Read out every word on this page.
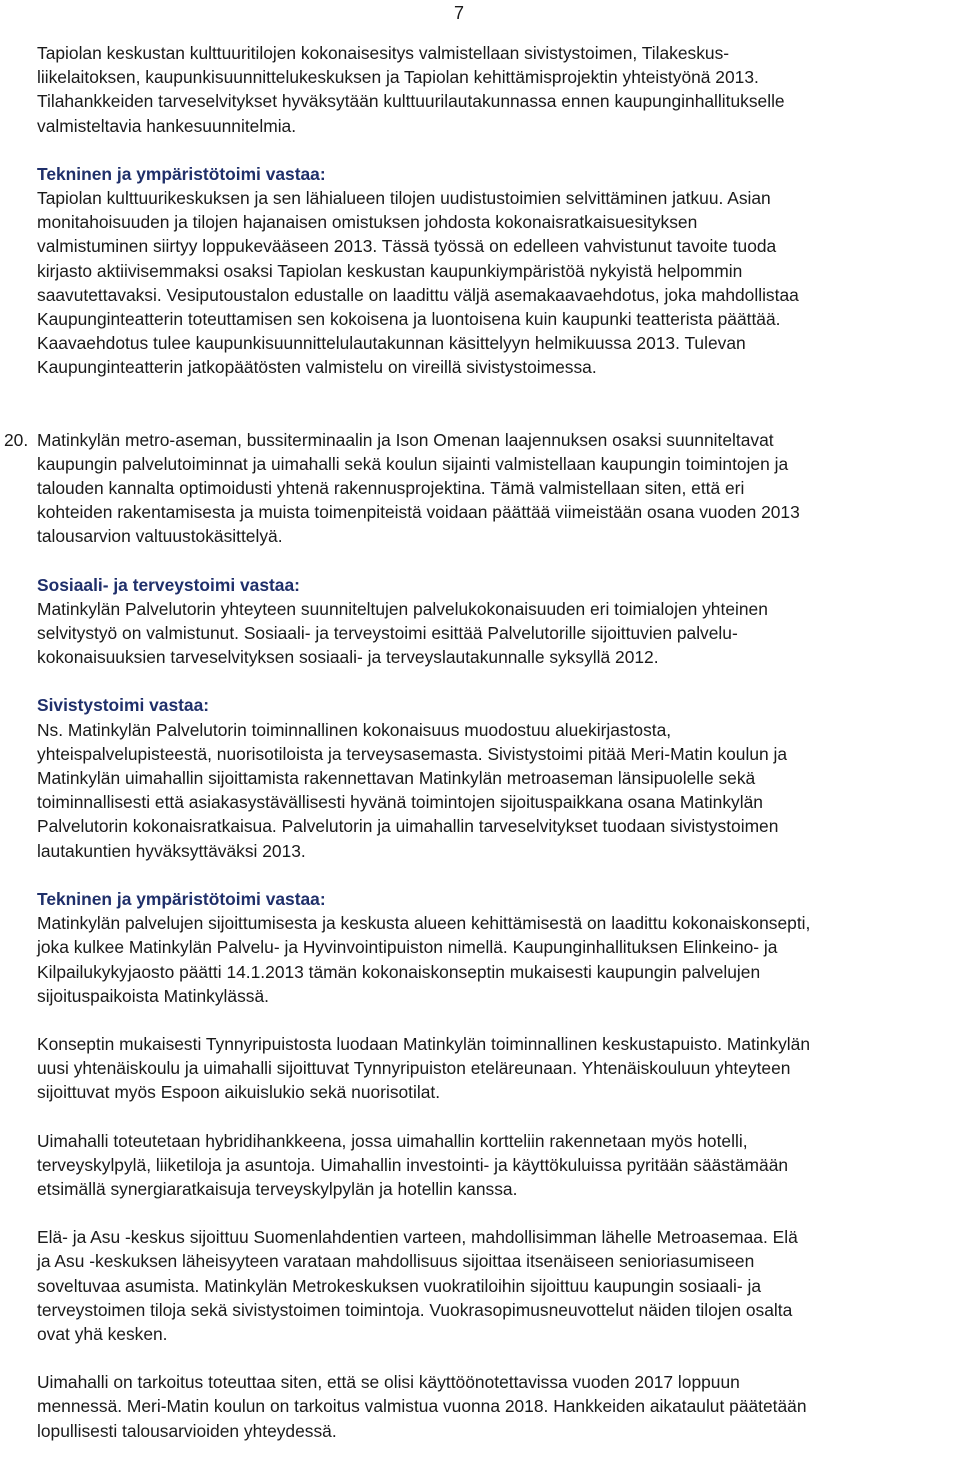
7

Tapiolan keskustan kulttuuritilojen kokonaisesitys valmistellaan sivistystoimen, Tilakeskus-
liikelaitoksen, kaupunkisuunnittelukeskuksen ja Tapiolan kehittämisprojektin yhteistyönä 2013.
Tilahankkeiden tarveselvitykset hyväksytään kulttuurilautakunnassa ennen kaupunginhallitukselle
valmisteltavia hankesuunnitelmia.

Tekninen ja ympäristötoimi vastaa:
Tapiolan kulttuurikeskuksen ja sen lähialueen tilojen uudistustoimien selvittäminen jatkuu. Asian
monitahoisuuden ja tilojen hajanaisen omistuksen johdosta kokonaisratkaisuesityksen
valmistuminen siirtyy loppukevääseen 2013. Tässä työssä on edelleen vahvistunut tavoite tuoda
kirjasto aktiivisemmaksi osaksi Tapiolan keskustan kaupunkiympäristöä nykyistä helpommin
saavutettavaksi. Vesiputoustalon edustalle on laadittu väljä asemakaavaehdotus, joka mahdollistaa
Kaupunginteatterin toteuttamisen sen kokoisena ja luontoisena kuin kaupunki teatterista päättää.
Kaavaehdotus tulee kaupunkisuunnittelulautakunnan käsittelyyn helmikuussa 2013. Tulevan
Kaupunginteatterin jatkopäätösten valmistelu on vireillä sivistystoimessa.

20. Matinkylän metro-aseman, bussiterminaalin ja Ison Omenan laajennuksen osaksi suunniteltavat
kaupungin palvelutoiminnat ja uimahalli sekä koulun sijainti valmistellaan kaupungin toimintojen ja
talouden kannalta optimoidusti yhtenä rakennusprojektina. Tämä valmistellaan siten, että eri
kohteiden rakentamisesta ja muista toimenpiteistä voidaan päättää viimeistään osana vuoden 2013
talousarvion valtuustokäsittelyä.

Sosiaali- ja terveystoimi vastaa:
Matinkylän Palvelutorin yhteyteen suunniteltujen palvelukokonaisuuden eri toimialojen yhteinen
selvitystyö on valmistunut. Sosiaali- ja terveystoimi esittää Palvelutorille sijoittuvien palvelu-
kokonaisuuksien tarveselvityksen sosiaali- ja terveyslautakunnalle syksyllä 2012.

Sivistystoimi vastaa:
Ns. Matinkylän Palvelutorin toiminnallinen kokonaisuus muodostuu aluekirjastosta,
yhteispalvelupisteestä, nuorisotiloista ja terveysasemasta. Sivistystoimi pitää Meri-Matin koulun ja
Matinkylän uimahallin sijoittamista rakennettavan Matinkylän metroaseman länsipuolelle sekä
toiminnallisesti että asiakasystävällisesti hyvänä toimintojen sijoituspaikkana osana Matinkylän
Palvelutorin kokonaisratkaisua. Palvelutorin ja uimahallin tarveselvitykset tuodaan sivistystoimen
lautakuntien hyväksyttäväksi 2013.

Tekninen ja ympäristötoimi vastaa:
Matinkylän palvelujen sijoittumisesta ja keskusta alueen kehittämisestä on laadittu kokonaiskonsepti,
joka kulkee Matinkylän Palvelu- ja Hyvinvointipuiston nimellä. Kaupunginhallituksen Elinkeino- ja
Kilpailukykyjaosto päätti 14.1.2013 tämän kokonaiskonseptin mukaisesti kaupungin palvelujen
sijoituspaikoista Matinkylässä.

Konseptin mukaisesti Tynnyripuistosta luodaan Matinkylän toiminnallinen keskustapuisto. Matinkylän
uusi yhtenäiskoulu ja uimahalli sijoittuvat Tynnyripuiston eteläreunaan. Yhtenäiskouluun yhteyteen
sijoittuvat myös Espoon aikuislukio sekä nuorisotilat.

Uimahalli toteutetaan hybridihankkeena, jossa uimahallin kortteliin rakennetaan myös hotelli,
terveyskylpylä, liiketiloja ja asuntoja. Uimahallin investointi- ja käyttökuluissa pyritään säästämään
etsimällä synergiaratkaisuja terveyskylpylän ja hotellin kanssa.

Elä- ja Asu -keskus sijoittuu Suomenlahdentien varteen, mahdollisimman lähelle Metroasemaa. Elä
ja Asu -keskuksen läheisyyteen varataan mahdollisuus sijoittaa itsenäiseen senioriasumiseen
soveltuvaa asumista. Matinkylän Metrokeskuksen vuokratiloihin sijoittuu kaupungin sosiaali- ja
terveystoimen tiloja sekä sivistystoimen toimintoja. Vuokrasopimusneuvottelut näiden tilojen osalta
ovat yhä kesken.

Uimahalli on tarkoitus toteuttaa siten, että se olisi käyttöönotettavissa vuoden 2017 loppuun
mennessä. Meri-Matin koulun on tarkoitus valmistua vuonna 2018. Hankkeiden aikataulut päätetään
lopullisesti talousarvioiden yhteydessä.
